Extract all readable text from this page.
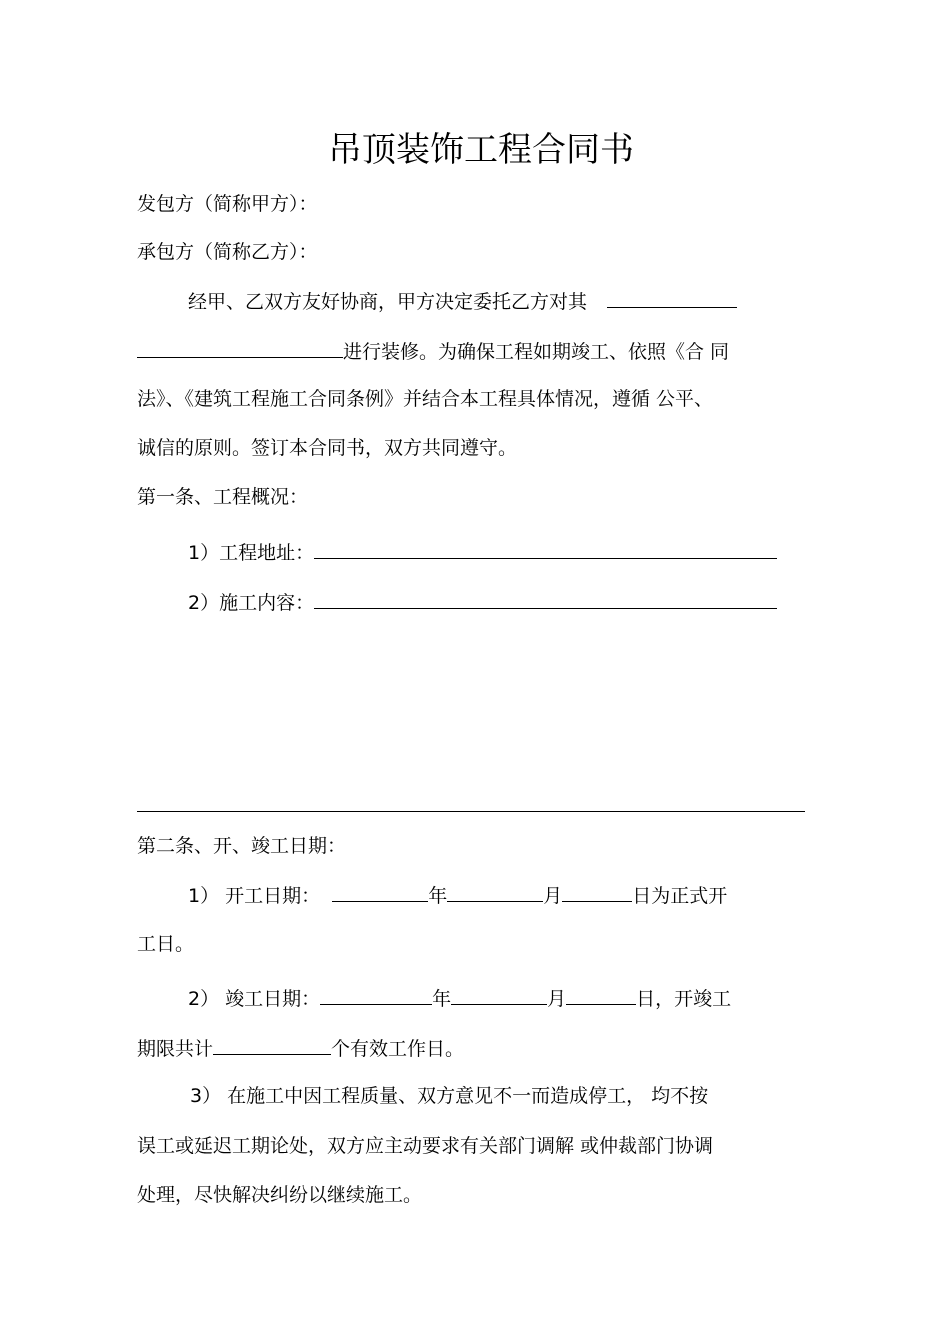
吊顶装饰工程合同书
发包方（简称甲方）：
承包方（简称乙方）：
经甲、乙双方友好协商，甲方决定委托乙方对其
进行装修。为确保工程如期竣工、依照《合 同
法》、《建筑工程施工合同条例》并结合本工程具体情况，遵循 公平、
诚信的原则。签订本合同书，双方共同遵守。
第一条、工程概况：
1）工程地址：
2）施工内容：
第二条、开、竣工日期：
1） 开工日期：	年	月	日为正式开
工日。
2） 竣工日期：	年	月	日，开竣工
期限共计	个有效工作日。
3） 在施工中因工程质量、双方意见不一而造成停工， 均不按
误工或延迟工期论处，双方应主动要求有关部门调解 或仲裁部门协调
处理，尽快解决纠纷以继续施工。
